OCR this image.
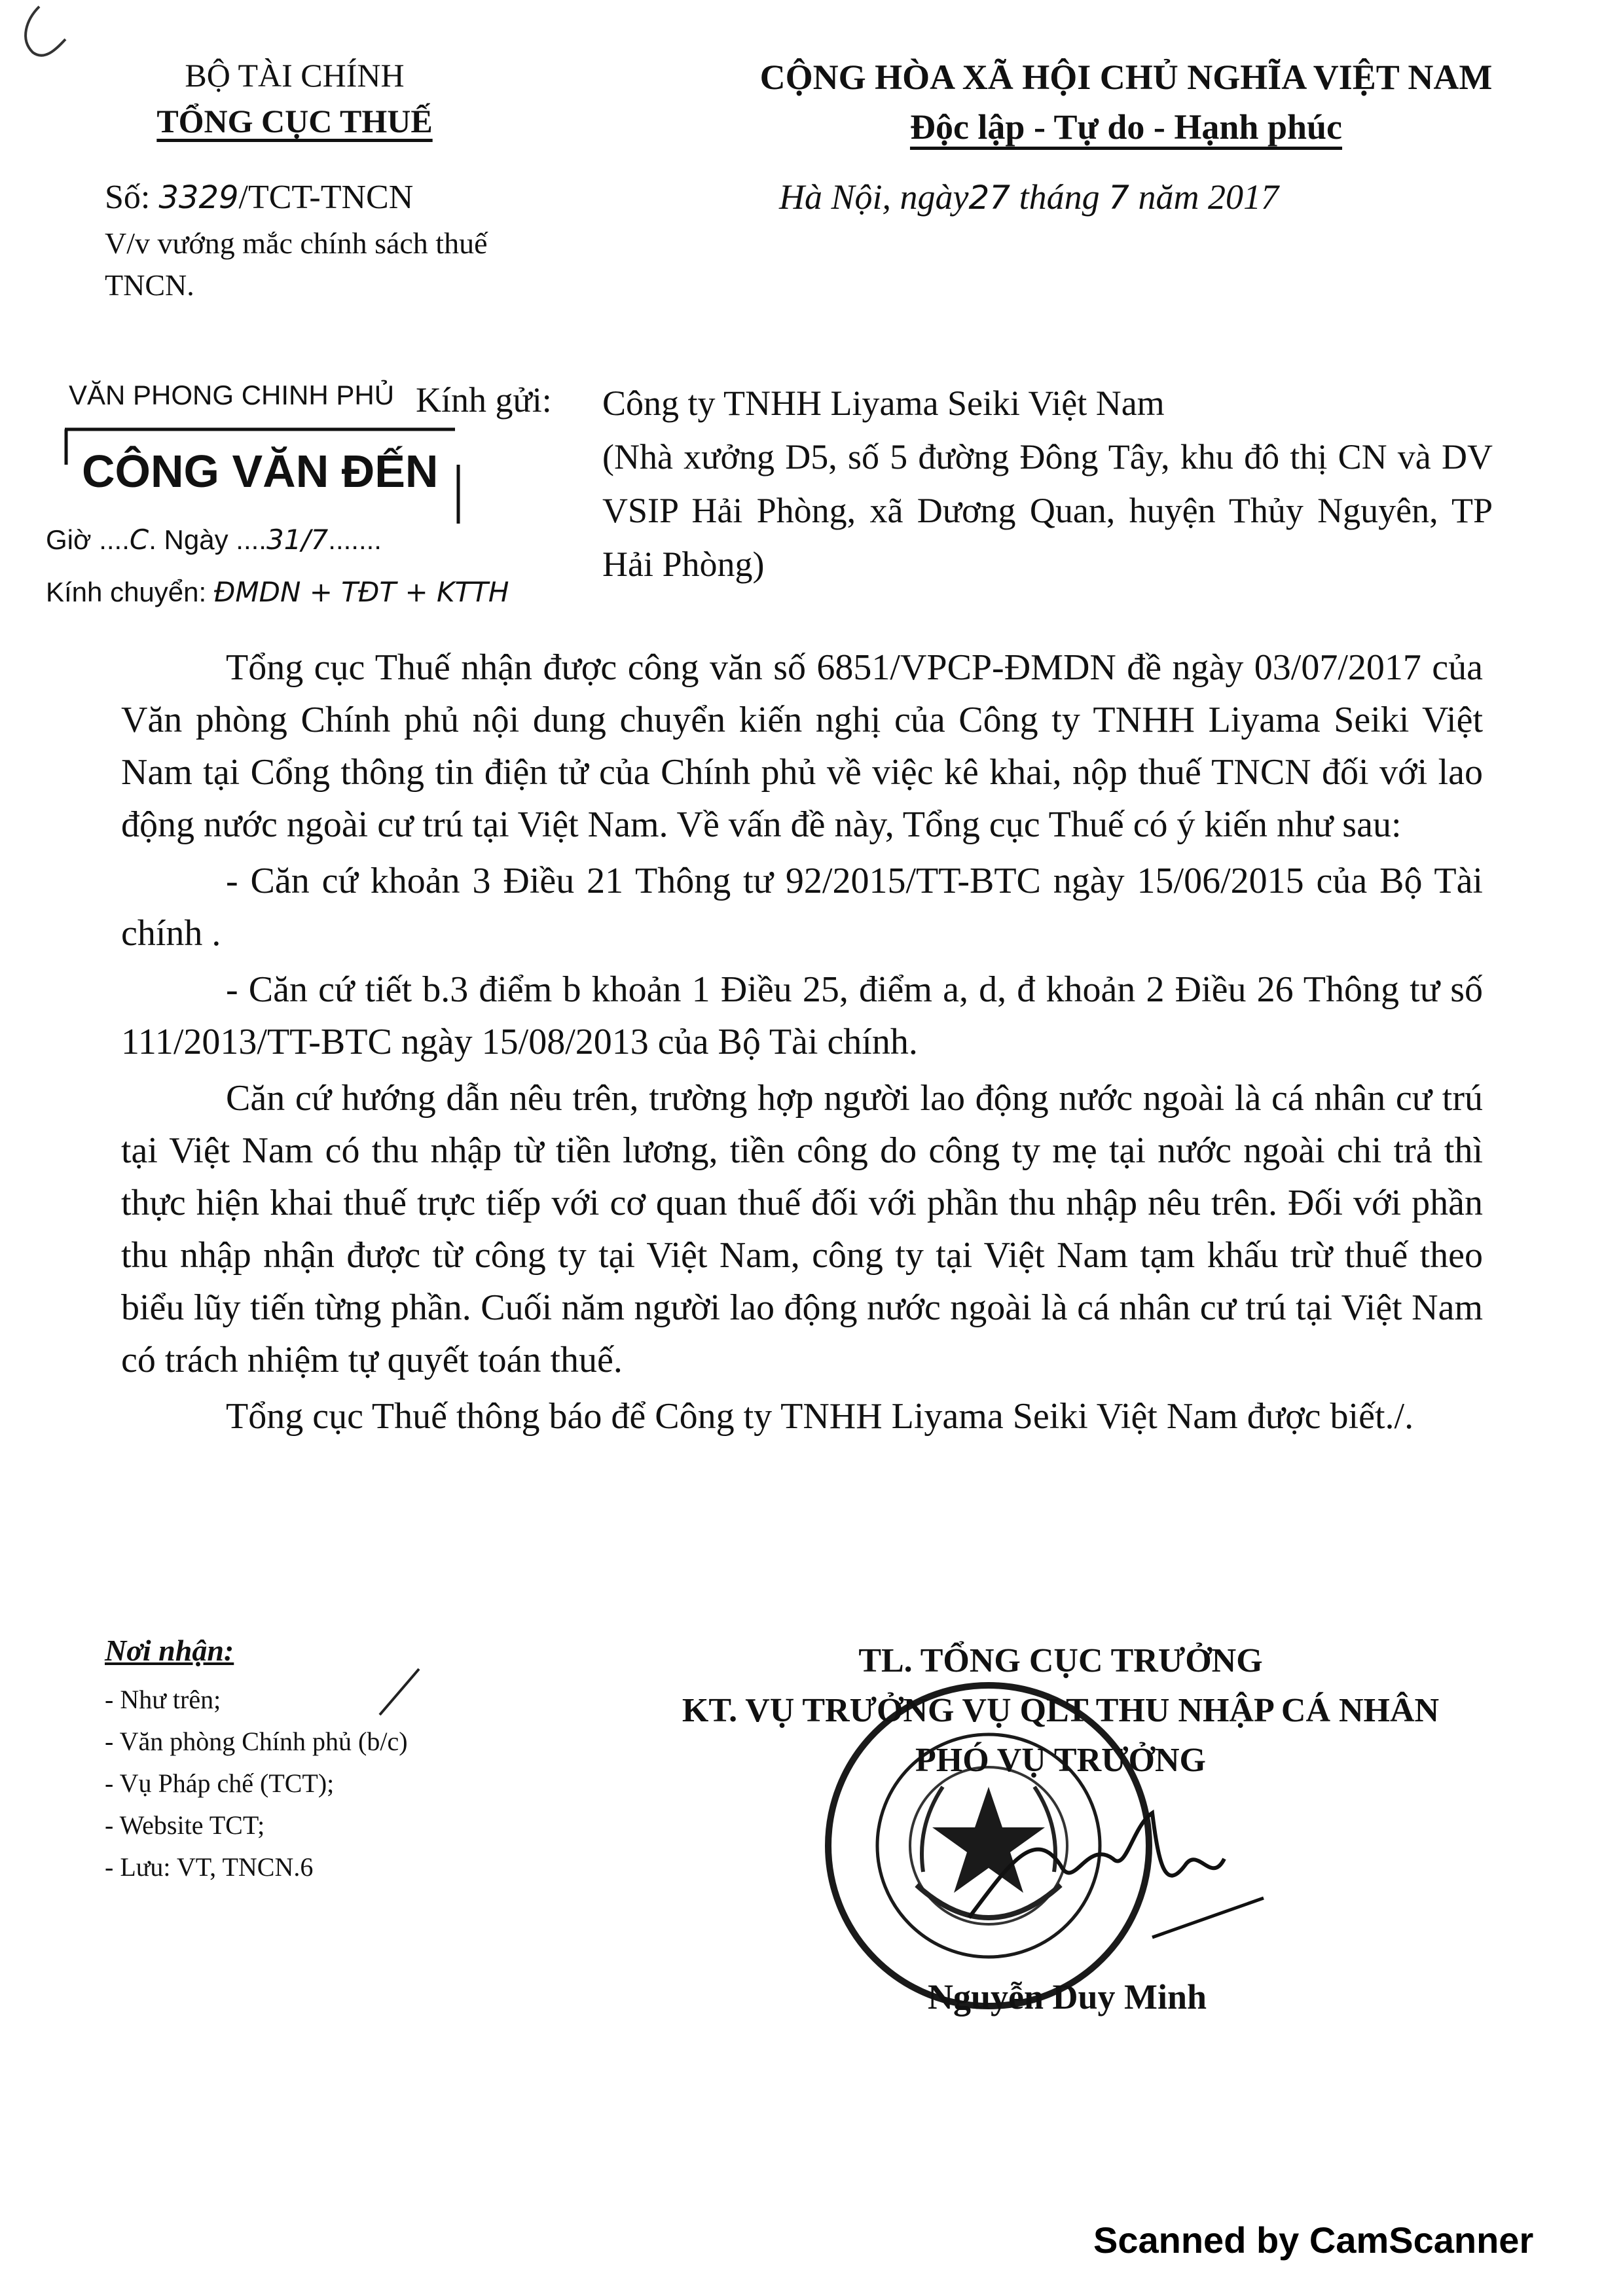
BỘ TÀI CHÍNH
TỔNG CỤC THUẾ
CỘNG HÒA XÃ HỘI CHỦ NGHĨA VIỆT NAM
Độc lập - Tự do - Hạnh phúc
Số: 3329/TCT-TNCN
V/v vướng mắc chính sách thuế TNCN.
Hà Nội, ngày27 tháng 7 năm 2017
VĂN PHONG CHINH PHỦ
CÔNG VĂN ĐẾN
Giờ ....C. Ngày ....31/7.......
Kính chuyển: ĐMDN + TĐT + KTTH
Kính gửi: Công ty TNHH Liyama Seiki Việt Nam
(Nhà xưởng D5, số 5 đường Đông Tây, khu đô thị CN và DV VSIP Hải Phòng, xã Dương Quan, huyện Thủy Nguyên, TP Hải Phòng)

Tổng cục Thuế nhận được công văn số 6851/VPCP-ĐMDN đề ngày 03/07/2017 của Văn phòng Chính phủ nội dung chuyển kiến nghị của Công ty TNHH Liyama Seiki Việt Nam tại Cổng thông tin điện tử của Chính phủ về việc kê khai, nộp thuế TNCN đối với lao động nước ngoài cư trú tại Việt Nam. Về vấn đề này, Tổng cục Thuế có ý kiến như sau:

- Căn cứ khoản 3 Điều 21 Thông tư 92/2015/TT-BTC ngày 15/06/2015 của Bộ Tài chính .

- Căn cứ tiết b.3 điểm b khoản 1 Điều 25, điểm a, d, đ khoản 2 Điều 26 Thông tư số 111/2013/TT-BTC ngày 15/08/2013 của Bộ Tài chính.

Căn cứ hướng dẫn nêu trên, trường hợp người lao động nước ngoài là cá nhân cư trú tại Việt Nam có thu nhập từ tiền lương, tiền công do công ty mẹ tại nước ngoài chi trả thì thực hiện khai thuế trực tiếp với cơ quan thuế đối với phần thu nhập nêu trên. Đối với phần thu nhập nhận được từ công ty tại Việt Nam, công ty tại Việt Nam tạm khấu trừ thuế theo biểu lũy tiến từng phần. Cuối năm người lao động nước ngoài là cá nhân cư trú tại Việt Nam có trách nhiệm tự quyết toán thuế.

Tổng cục Thuế thông báo để Công ty TNHH Liyama Seiki Việt Nam được biết./.

Nơi nhận:
- Như trên;
- Văn phòng Chính phủ (b/c)
- Vụ Pháp chế (TCT);
- Website TCT;
- Lưu: VT, TNCN.6
TL. TỔNG CỤC TRƯỞNG
KT. VỤ TRƯỞNG VỤ QLT THU NHẬP CÁ NHÂN
PHÓ VỤ TRƯỞNG
Nguyễn Duy Minh
Scanned by CamScanner
